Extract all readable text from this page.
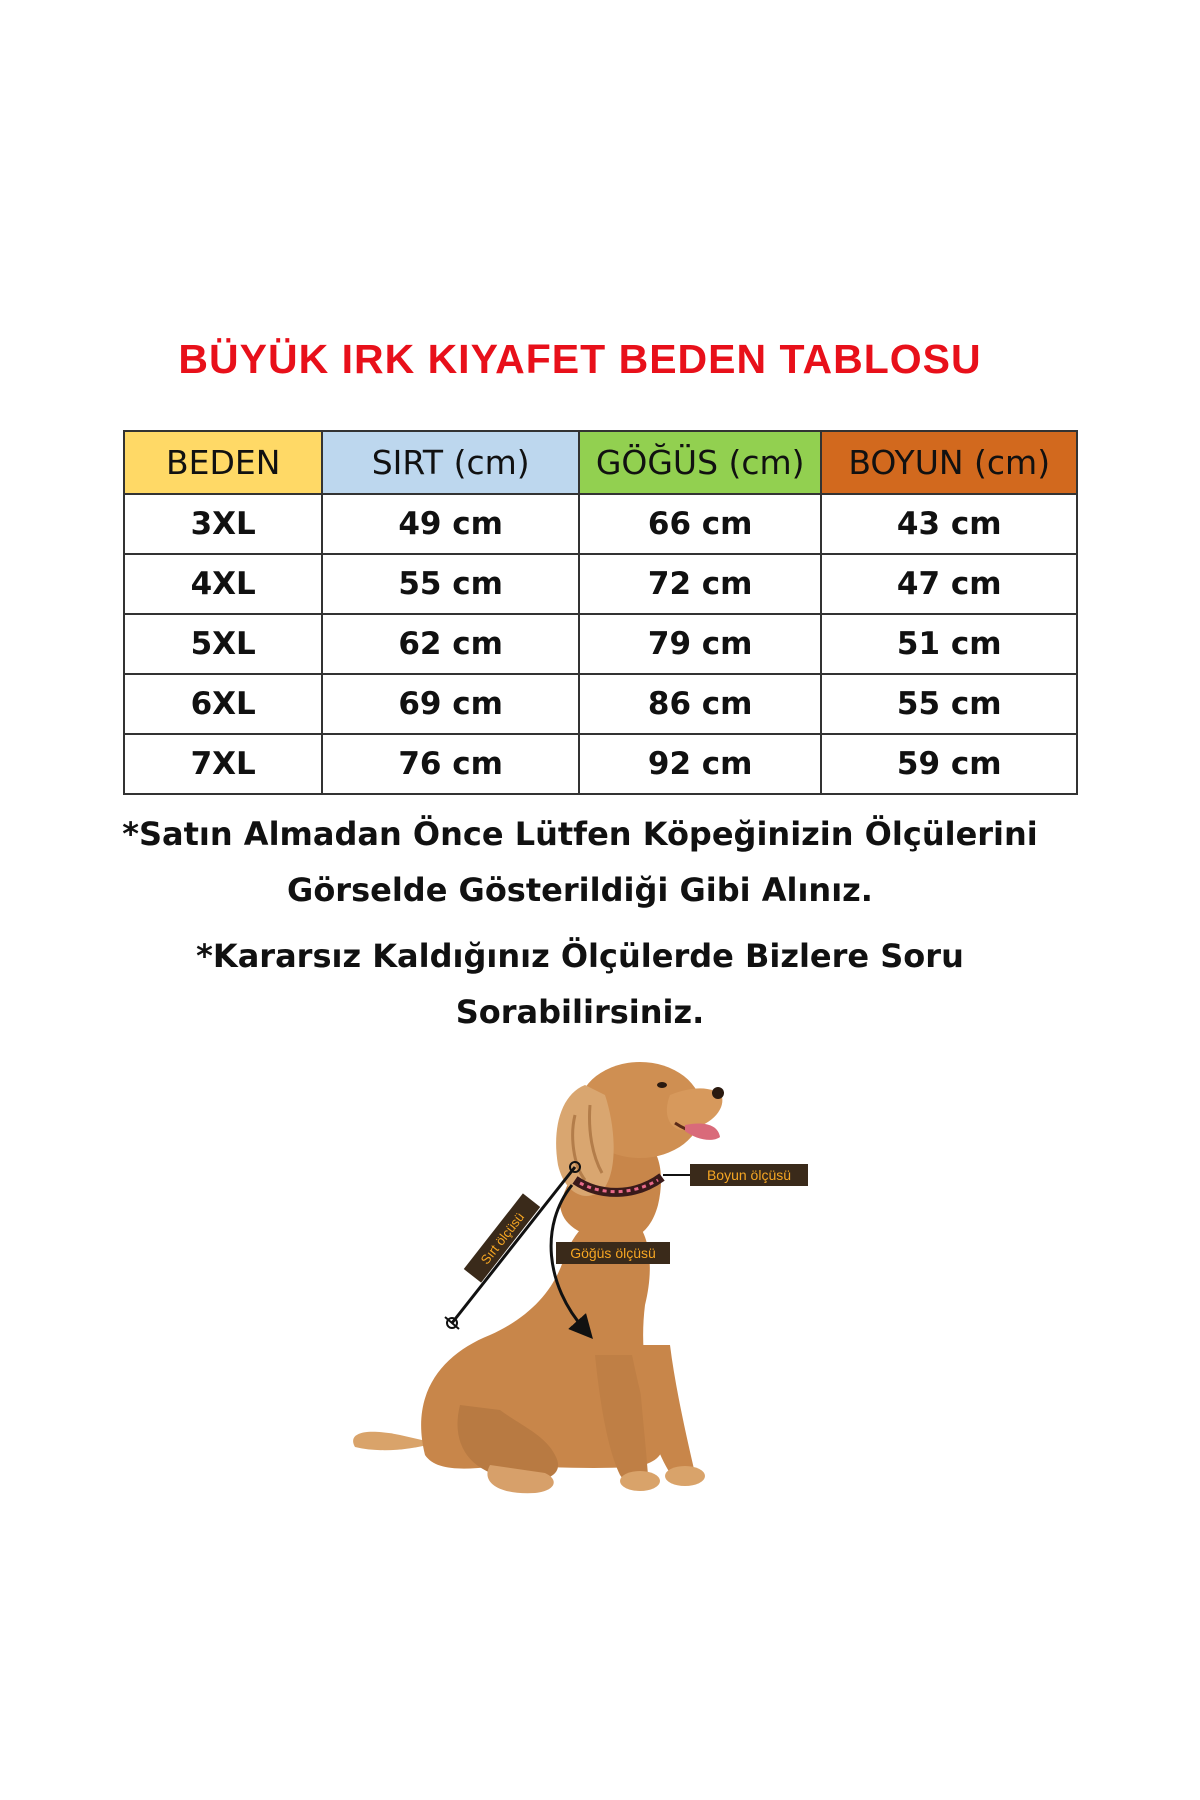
BÜYÜK IRK KIYAFET BEDEN TABLOSU
BEDEN	SIRT (cm)	GÖĞÜS (cm)	BOYUN (cm)
3XL	49 cm	66 cm	43 cm
4XL	55 cm	72 cm	47 cm
5XL	62 cm	79 cm	51 cm
6XL	69 cm	86 cm	55 cm
7XL	76 cm	92 cm	59 cm
*Satın Almadan Önce Lütfen Köpeğinizin Ölçülerini
Görselde Gösterildiği Gibi Alınız.
*Kararsız Kaldığınız Ölçülerde Bizlere Soru
Sorabilirsiniz.
Boyun ölçüsü
Göğüs ölçüsü
Sırt ölçüsü
